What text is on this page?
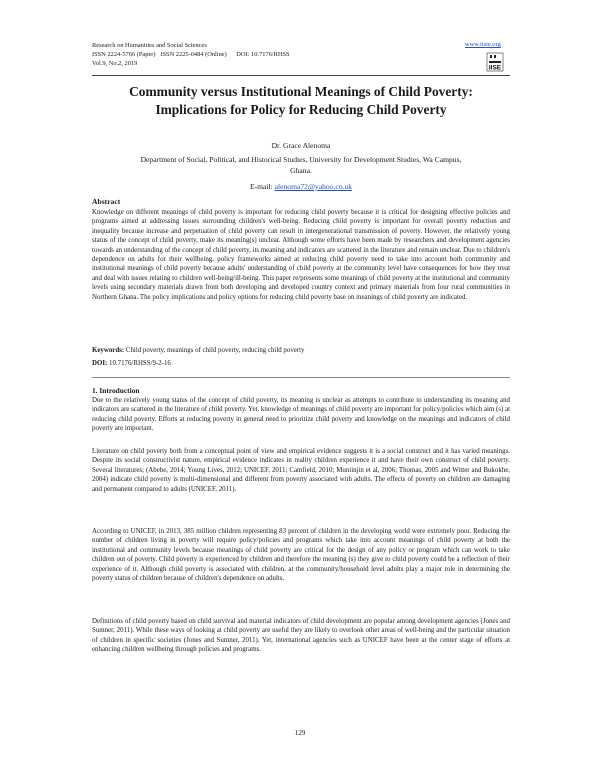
Research on Humanities and Social Sciences
ISSN 2224-5766 (Paper)   ISSN 2225-0484 (Online)      DOI: 10.7176/RHSS
Vol.9, No.2, 2019
www.iiste.org
IISE
Community versus Institutional Meanings of Child Poverty: Implications for Policy for Reducing Child Poverty
Dr. Grace Alenoma
Department of Social, Political, and Historical Studies, University for Development Studies, Wa Campus, Ghana.
E-mail: alenoma72@yahoo.co.uk
Abstract
Knowledge on different meanings of child poverty is important for reducing child poverty because it is critical for designing effective policies and programs aimed at addressing issues surrounding children's well-being. Reducing child poverty is important for overall poverty reduction and inequality because increase and perpetuation of child poverty can result in intergenerational transmission of poverty. However, the relatively young status of the concept of child poverty, make its meaning(s) unclear. Although some efforts have been made by researchers and development agencies towards an understanding of the concept of child poverty, its meaning and indicators are scattered in the literature and remain unclear. Due to children's dependence on adults for their wellbeing, policy frameworks aimed at reducing child poverty need to take into account both community and institutional meanings of child poverty because adults' understanding of child poverty at the community level have consequences for how they treat and deal with issues relating to children well-being/ill-being. This paper re/presents some meanings of child poverty at the institutional and community levels using secondary materials drawn from both developing and developed country context and primary materials from four rural communities in Northern Ghana. The policy implications and policy options for reducing child poverty base on meanings of child poverty are indicated.
Keywords: Child poverty, meanings of child poverty, reducing child poverty
DOI: 10.7176/RHSS/9-2-16
1. Introduction

Due to the relatively young status of the concept of child poverty, its meaning is unclear as attempts to contribute to understanding its meaning and indicators are scattered in the literature of child poverty. Yet, knowledge of meanings of child poverty are important for policy/policies which aim (s) at reducing child poverty. Efforts at reducing poverty in general need to prioritize child poverty and knowledge on the meanings and indicators of child poverty are important.

Literature on child poverty both from a conceptual point of view and empirical evidence suggests it is a social construct and it has varied meanings. Despite its social constructivist nature, empirical evidence indicates in reality children experience it and have their own construct of child poverty. Several literatures; (Abebe, 2014; Young Lives, 2012; UNICEF, 2011; Camfield, 2010; Muniinjin et al, 2006; Thomas, 2005 and Witter and Bukokhe, 2004) indicate child poverty is multi-dimensional and different from poverty associated with adults. The effects of poverty on children are damaging and permanent compared to adults (UNICEF, 2011).

According to UNICEF, in 2013, 385 million children representing 83 percent of children in the developing world were extremely poor. Reducing the number of children living in poverty will require policy/policies and programs which take into account meanings of child poverty at both the institutional and community levels because meanings of child poverty are critical for the design of any policy or program which can work to take children out of poverty. Child poverty is experienced by children and therefore the meaning (s) they give to child poverty could be a reflection of their experience of it. Although child poverty is associated with children, at the community/household level adults play a major role in determining the poverty status of children because of children's dependence on adults.

Definitions of child poverty based on child survival and material indicators of child development are popular among development agencies (Jones and Sumner, 2011). While these ways of looking at child poverty are useful they are likely to overlook other areas of well-being and the particular situation of children in specific societies (Jones and Sumner, 2011). Yet, international agencies such as UNICEF have been at the center stage of efforts at enhancing children wellbeing through policies and programs.

129
